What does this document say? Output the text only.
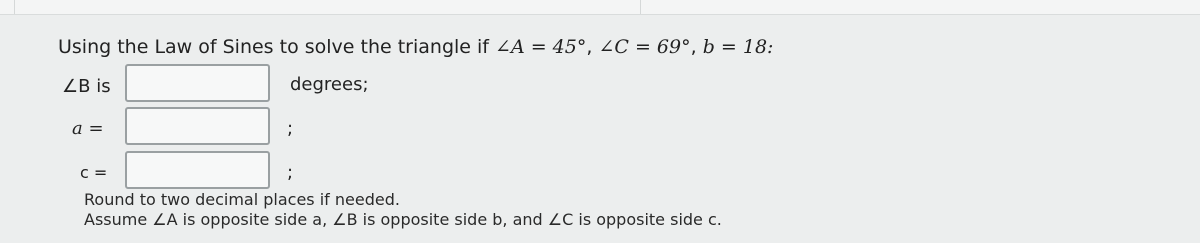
Using the Law of Sines to solve the triangle if ∠A = 45°, ∠C = 69°, b = 18:
∠B is	degrees;
a =	;
c =	;
Round to two decimal places if needed.
Assume ∠A is opposite side a, ∠B is opposite side b, and ∠C is opposite side c.
